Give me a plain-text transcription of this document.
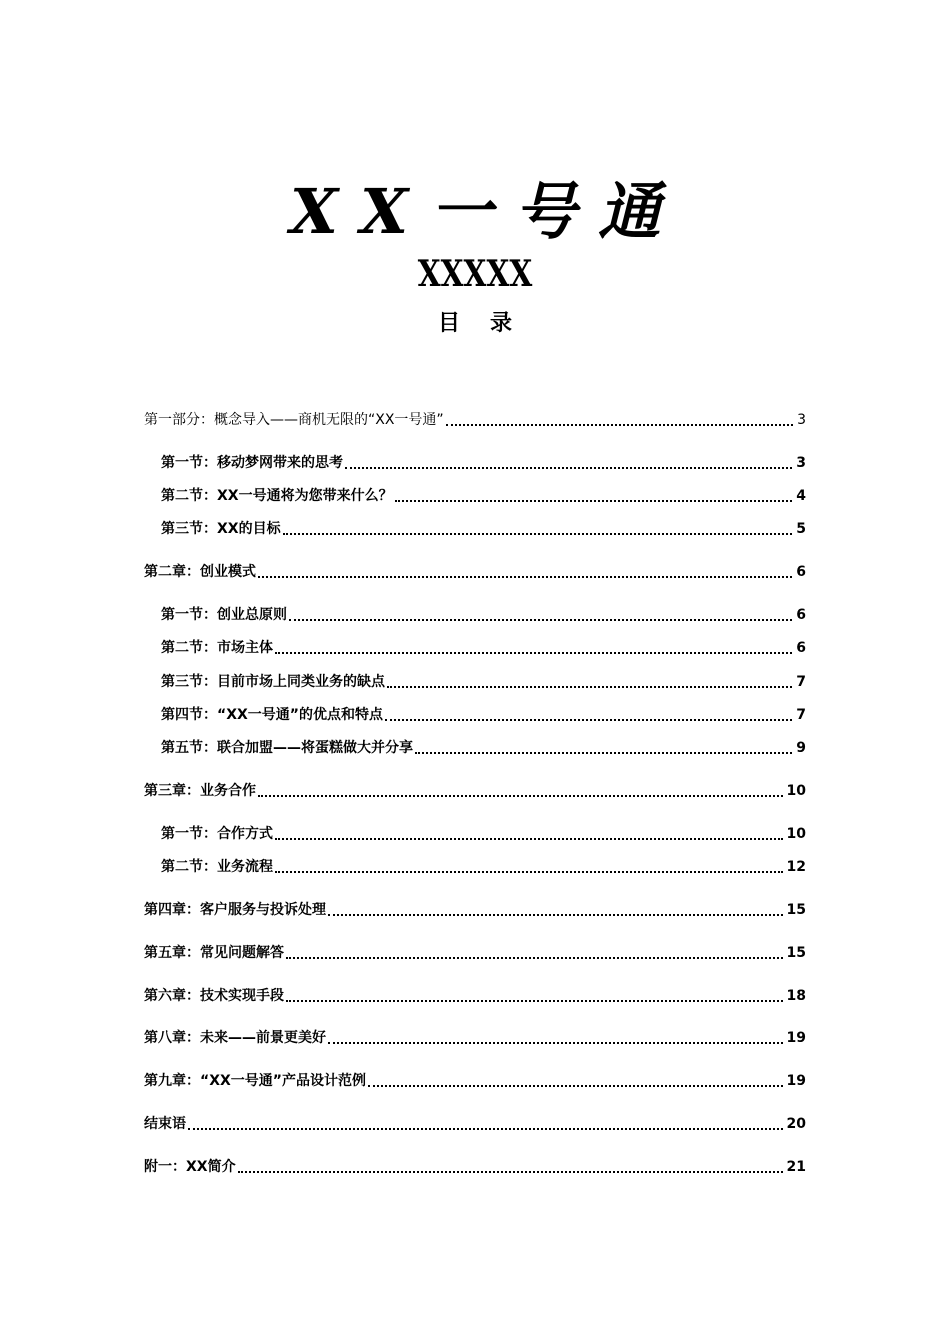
XX一号通
XXXXX
目录
第一部分：概念导入——商机无限的“XX一号通”	3
第一节：移动梦网带来的思考	3
第二节：XX一号通将为您带来什么？	4
第三节：XX的目标	5
第二章：创业模式	6
第一节：创业总原则	6
第二节：市场主体	6
第三节：目前市场上同类业务的缺点	7
第四节：“XX一号通”的优点和特点	7
第五节：联合加盟——将蛋糕做大并分享	9
第三章：业务合作	10
第一节：合作方式	10
第二节：业务流程	12
第四章：客户服务与投诉处理	15
第五章：常见问题解答	15
第六章：技术实现手段	18
第八章：未来——前景更美好	19
第九章：“XX一号通”产品设计范例	19
结束语	20
附一：XX简介	21
